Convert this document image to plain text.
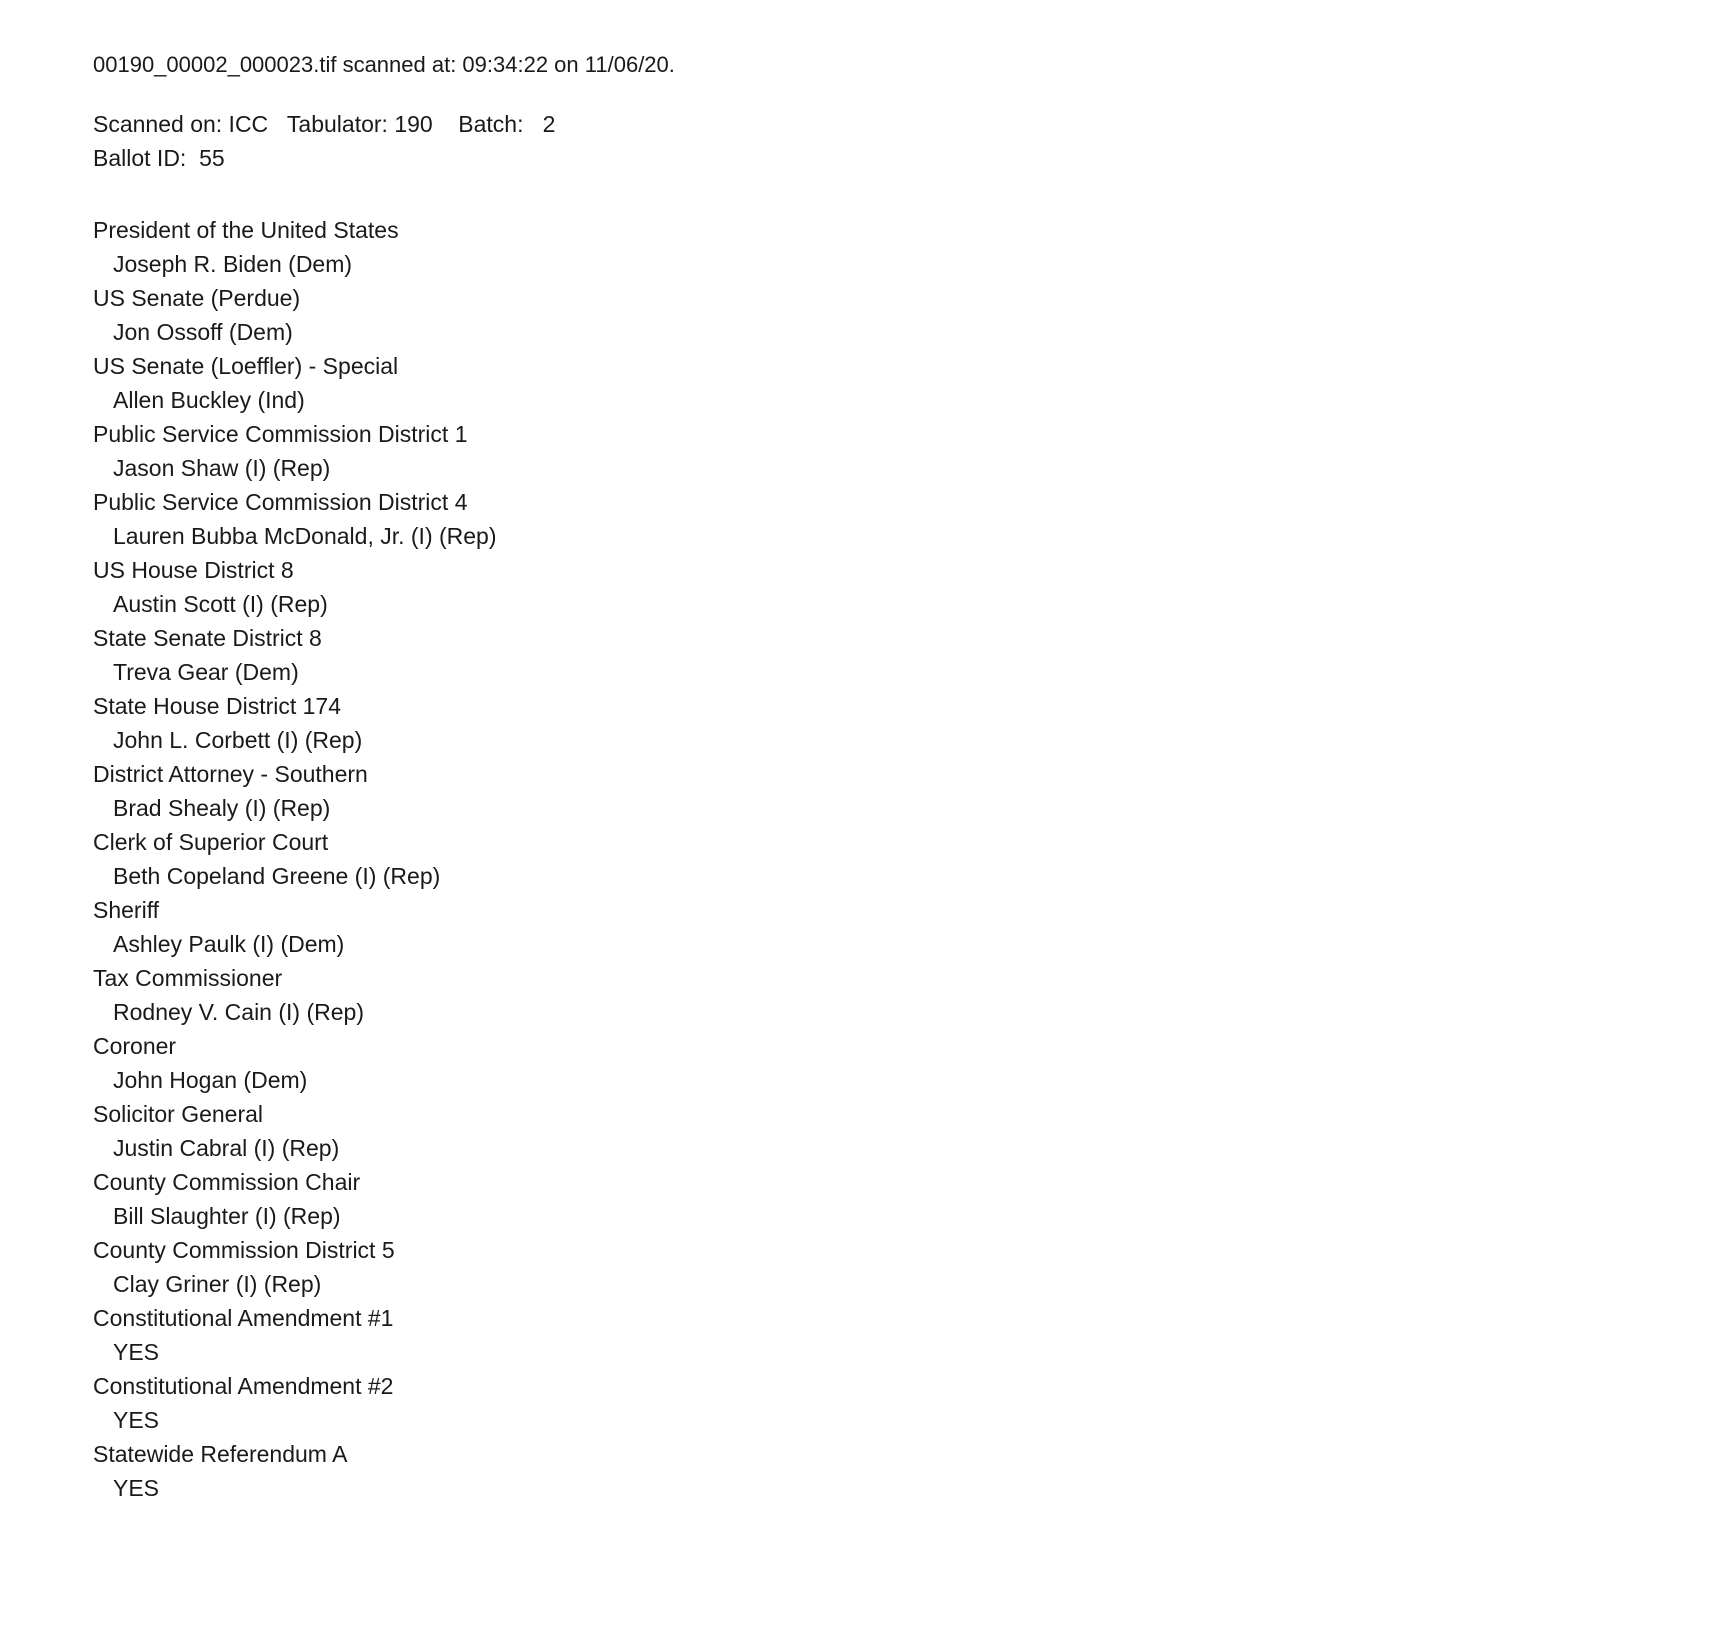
00190_00002_000023.tif scanned at: 09:34:22 on 11/06/20.
Scanned on: ICC   Tabulator: 190    Batch:   2
Ballot ID:  55
President of the United States
Joseph R. Biden (Dem)
US Senate (Perdue)
Jon Ossoff (Dem)
US Senate (Loeffler) - Special
Allen Buckley (Ind)
Public Service Commission District 1
Jason Shaw (I) (Rep)
Public Service Commission District 4
Lauren Bubba McDonald, Jr. (I) (Rep)
US House District 8
Austin Scott (I) (Rep)
State Senate District 8
Treva Gear (Dem)
State House District 174
John L. Corbett (I) (Rep)
District Attorney - Southern
Brad Shealy (I) (Rep)
Clerk of Superior Court
Beth Copeland Greene (I) (Rep)
Sheriff
Ashley Paulk (I) (Dem)
Tax Commissioner
Rodney V. Cain (I) (Rep)
Coroner
John Hogan (Dem)
Solicitor General
Justin Cabral (I) (Rep)
County Commission Chair
Bill Slaughter (I) (Rep)
County Commission District 5
Clay Griner (I) (Rep)
Constitutional Amendment #1
YES
Constitutional Amendment #2
YES
Statewide Referendum A
YES
